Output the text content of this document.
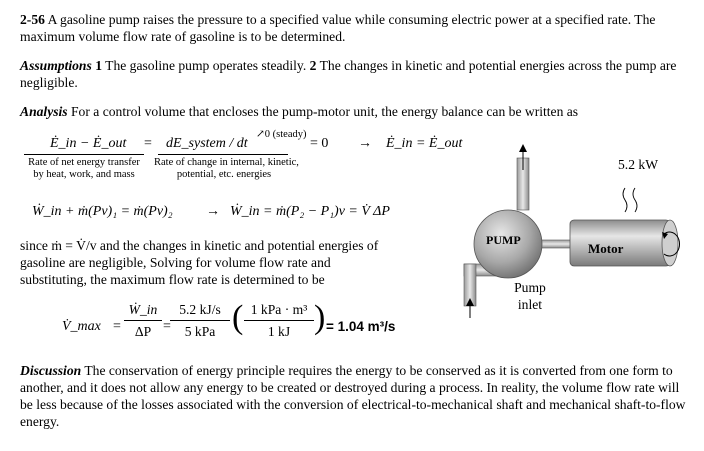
2-56 A gasoline pump raises the pressure to a specified value while consuming electric power at a specified rate. The maximum volume flow rate of gasoline is to be determined.
Assumptions 1 The gasoline pump operates steadily. 2 The changes in kinetic and potential energies across the pump are negligible.
Analysis For a control volume that encloses the pump-motor unit, the energy balance can be written as
Ė_in − Ė_out = dE_system / dt
↗0 (steady)
= 0 → Ė_in = Ė_out
Rate of net energy transfer
by heat, work, and mass
Rate of change in internal, kinetic,
potential, etc. energies
Ẇ_in + ṁ(Pv)₁ = ṁ(Pv)₂ → Ẇ_in = ṁ(P₂ − P₁)v = V̇ ΔP
since ṁ = V̇/v and the changes in kinetic and potential energies of
gasoline are negligible, Solving for volume flow rate and
substituting, the maximum flow rate is determined to be
V̇_max =
Ẇ_in
ΔP =
5.2 kJ/s
5 kPa ( 1 kPa · m³
1 kJ ) = 1.04 m³/s
5.2 kW
PUMP
Motor
Pump
inlet
Discussion The conservation of energy principle requires the energy to be conserved as it is converted from one form to another, and it does not allow any energy to be created or destroyed during a process. In reality, the volume flow rate will be less because of the losses associated with the conversion of electrical-to-mechanical shaft and mechanical shaft-to-flow energy.
